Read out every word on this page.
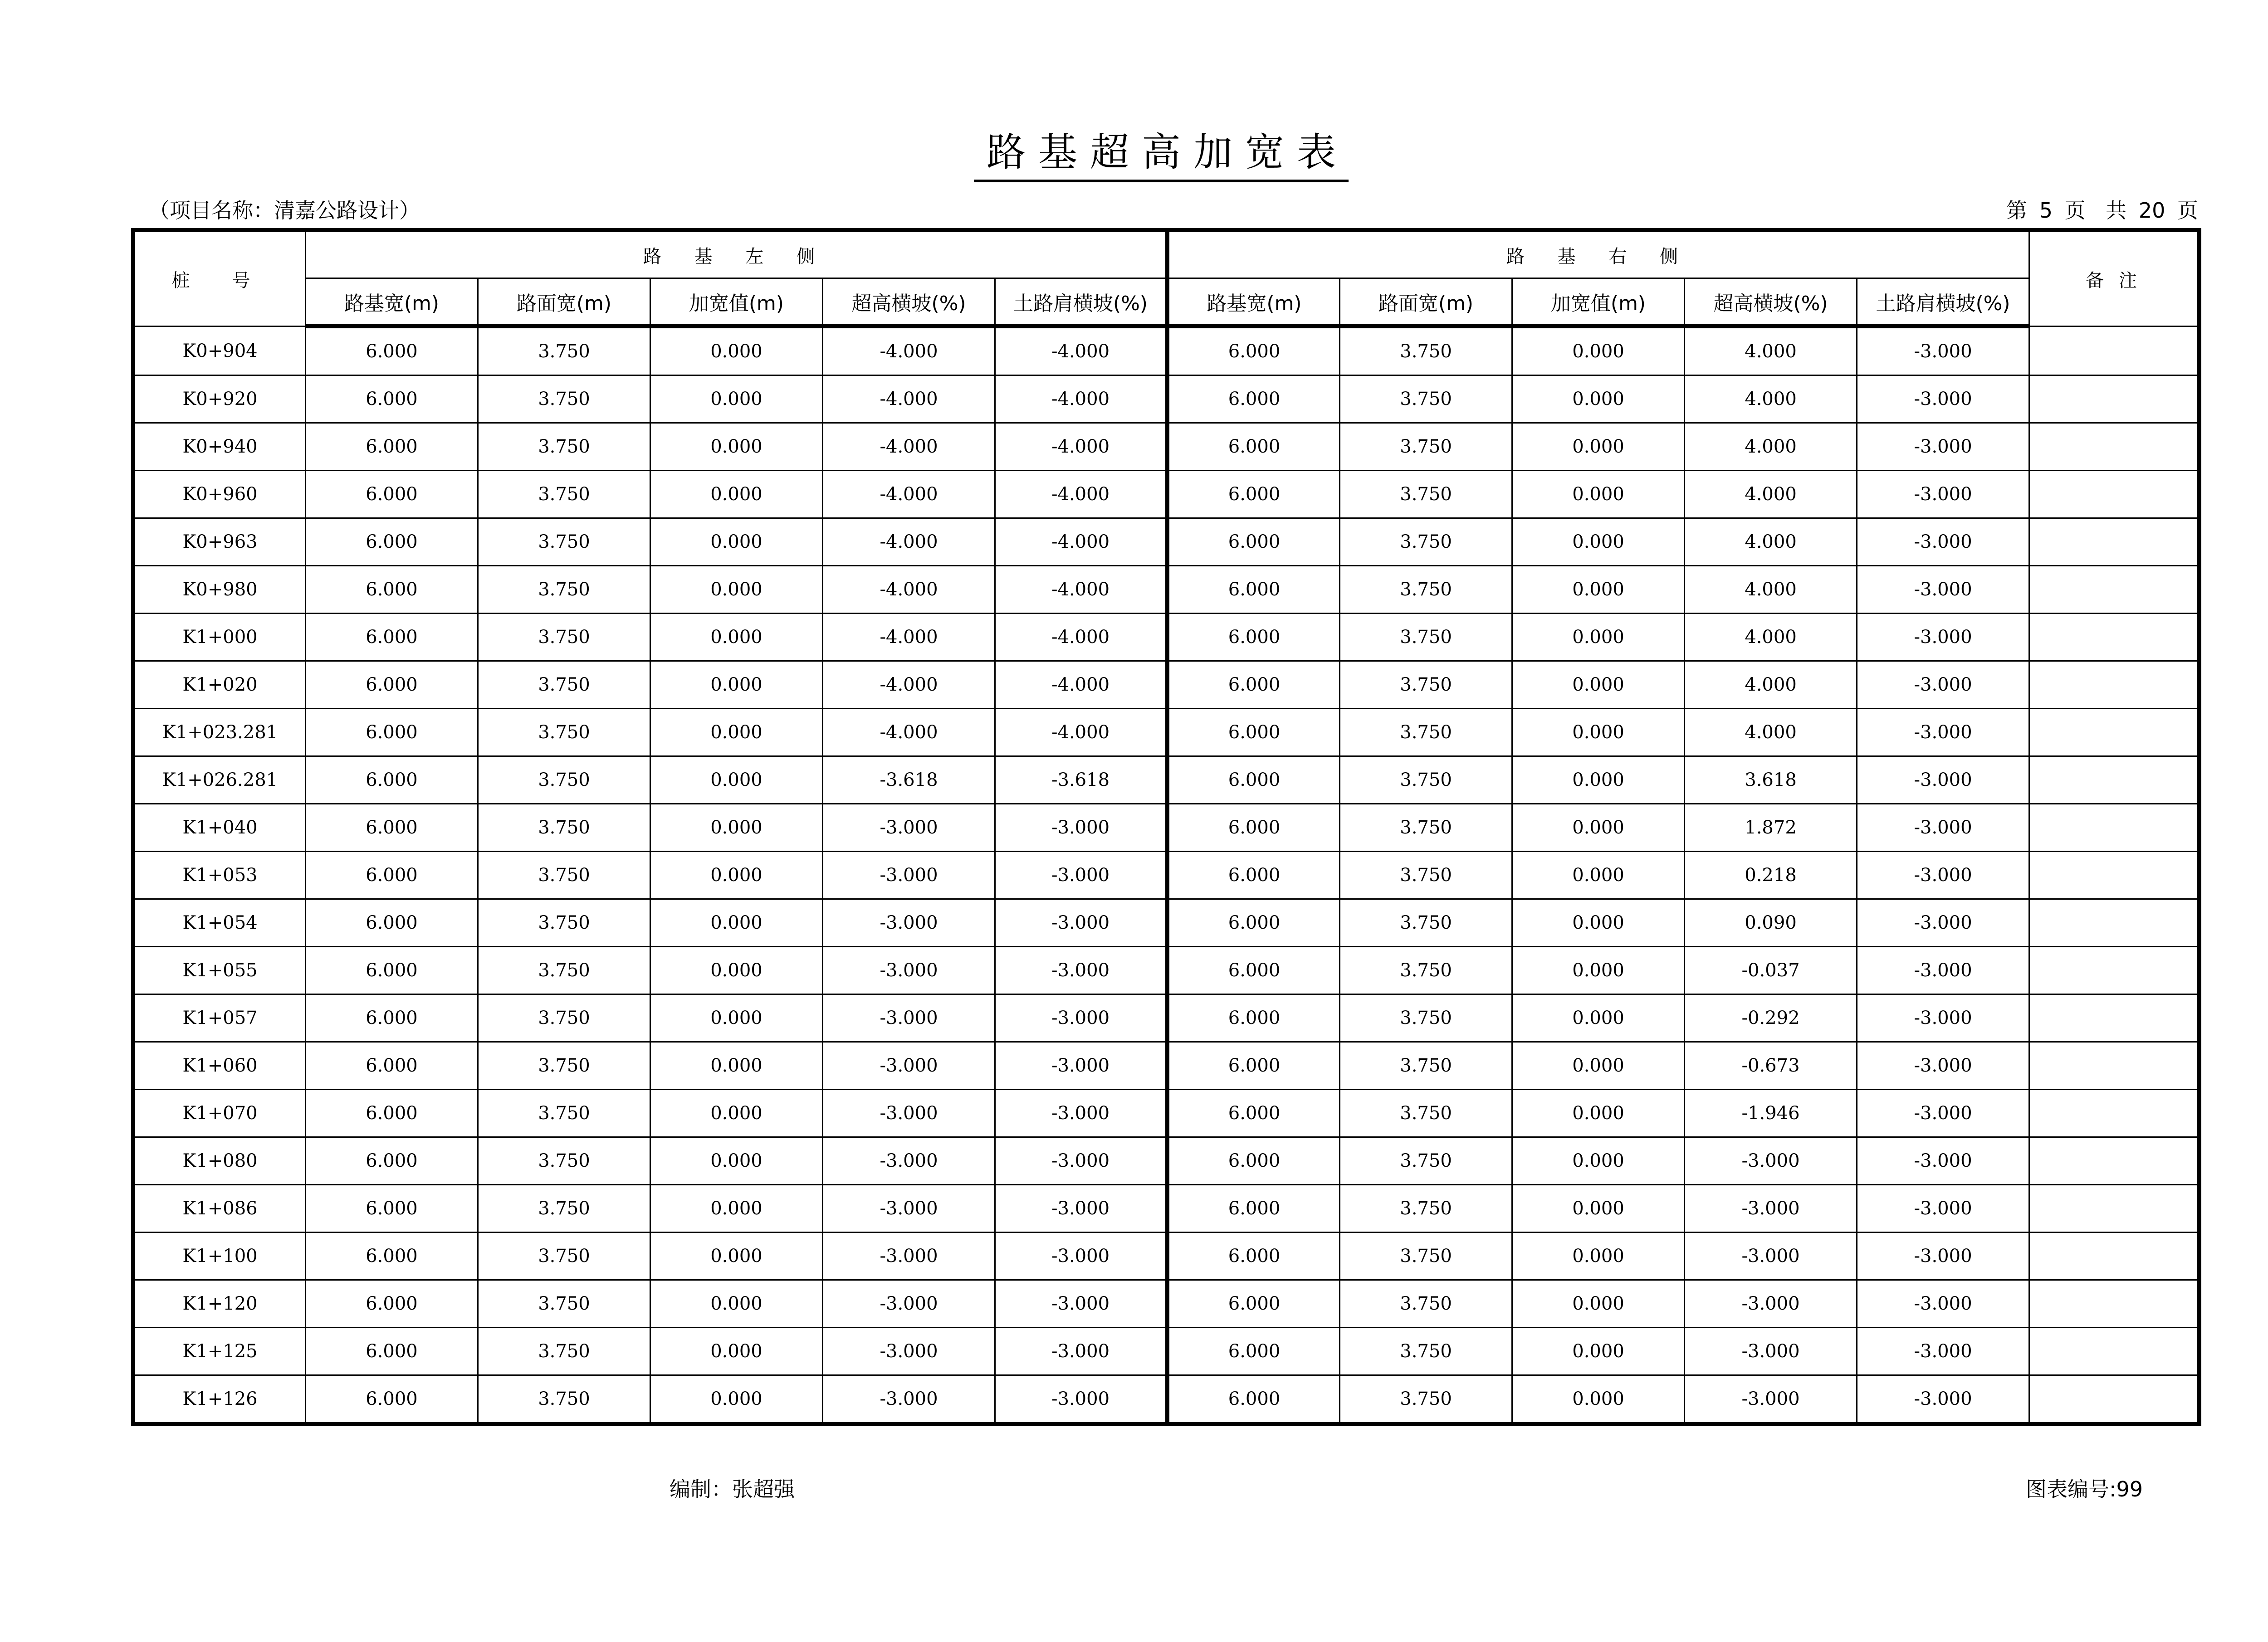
路基超高加宽表
（项目名称：清嘉公路设计）	第 5 页 共 20 页
桩 号	路 基 左 侧					路 基 右 侧					备 注
	路基宽(m)	路面宽(m)	加宽值(m)	超高横坡(%)	土路肩横坡(%)	路基宽(m)	路面宽(m)	加宽值(m)	超高横坡(%)	土路肩横坡(%)	
K0+904	6.000	3.750	0.000	-4.000	-4.000	6.000	3.750	0.000	4.000	-3.000	
K0+920	6.000	3.750	0.000	-4.000	-4.000	6.000	3.750	0.000	4.000	-3.000	
K0+940	6.000	3.750	0.000	-4.000	-4.000	6.000	3.750	0.000	4.000	-3.000	
K0+960	6.000	3.750	0.000	-4.000	-4.000	6.000	3.750	0.000	4.000	-3.000	
K0+963	6.000	3.750	0.000	-4.000	-4.000	6.000	3.750	0.000	4.000	-3.000	
K0+980	6.000	3.750	0.000	-4.000	-4.000	6.000	3.750	0.000	4.000	-3.000	
K1+000	6.000	3.750	0.000	-4.000	-4.000	6.000	3.750	0.000	4.000	-3.000	
K1+020	6.000	3.750	0.000	-4.000	-4.000	6.000	3.750	0.000	4.000	-3.000	
K1+023.281	6.000	3.750	0.000	-4.000	-4.000	6.000	3.750	0.000	4.000	-3.000	
K1+026.281	6.000	3.750	0.000	-3.618	-3.618	6.000	3.750	0.000	3.618	-3.000	
K1+040	6.000	3.750	0.000	-3.000	-3.000	6.000	3.750	0.000	1.872	-3.000	
K1+053	6.000	3.750	0.000	-3.000	-3.000	6.000	3.750	0.000	0.218	-3.000	
K1+054	6.000	3.750	0.000	-3.000	-3.000	6.000	3.750	0.000	0.090	-3.000	
K1+055	6.000	3.750	0.000	-3.000	-3.000	6.000	3.750	0.000	-0.037	-3.000	
K1+057	6.000	3.750	0.000	-3.000	-3.000	6.000	3.750	0.000	-0.292	-3.000	
K1+060	6.000	3.750	0.000	-3.000	-3.000	6.000	3.750	0.000	-0.673	-3.000	
K1+070	6.000	3.750	0.000	-3.000	-3.000	6.000	3.750	0.000	-1.946	-3.000	
K1+080	6.000	3.750	0.000	-3.000	-3.000	6.000	3.750	0.000	-3.000	-3.000	
K1+086	6.000	3.750	0.000	-3.000	-3.000	6.000	3.750	0.000	-3.000	-3.000	
K1+100	6.000	3.750	0.000	-3.000	-3.000	6.000	3.750	0.000	-3.000	-3.000	
K1+120	6.000	3.750	0.000	-3.000	-3.000	6.000	3.750	0.000	-3.000	-3.000	
K1+125	6.000	3.750	0.000	-3.000	-3.000	6.000	3.750	0.000	-3.000	-3.000	
K1+126	6.000	3.750	0.000	-3.000	-3.000	6.000	3.750	0.000	-3.000	-3.000	
编制：张超强	图表编号:99
